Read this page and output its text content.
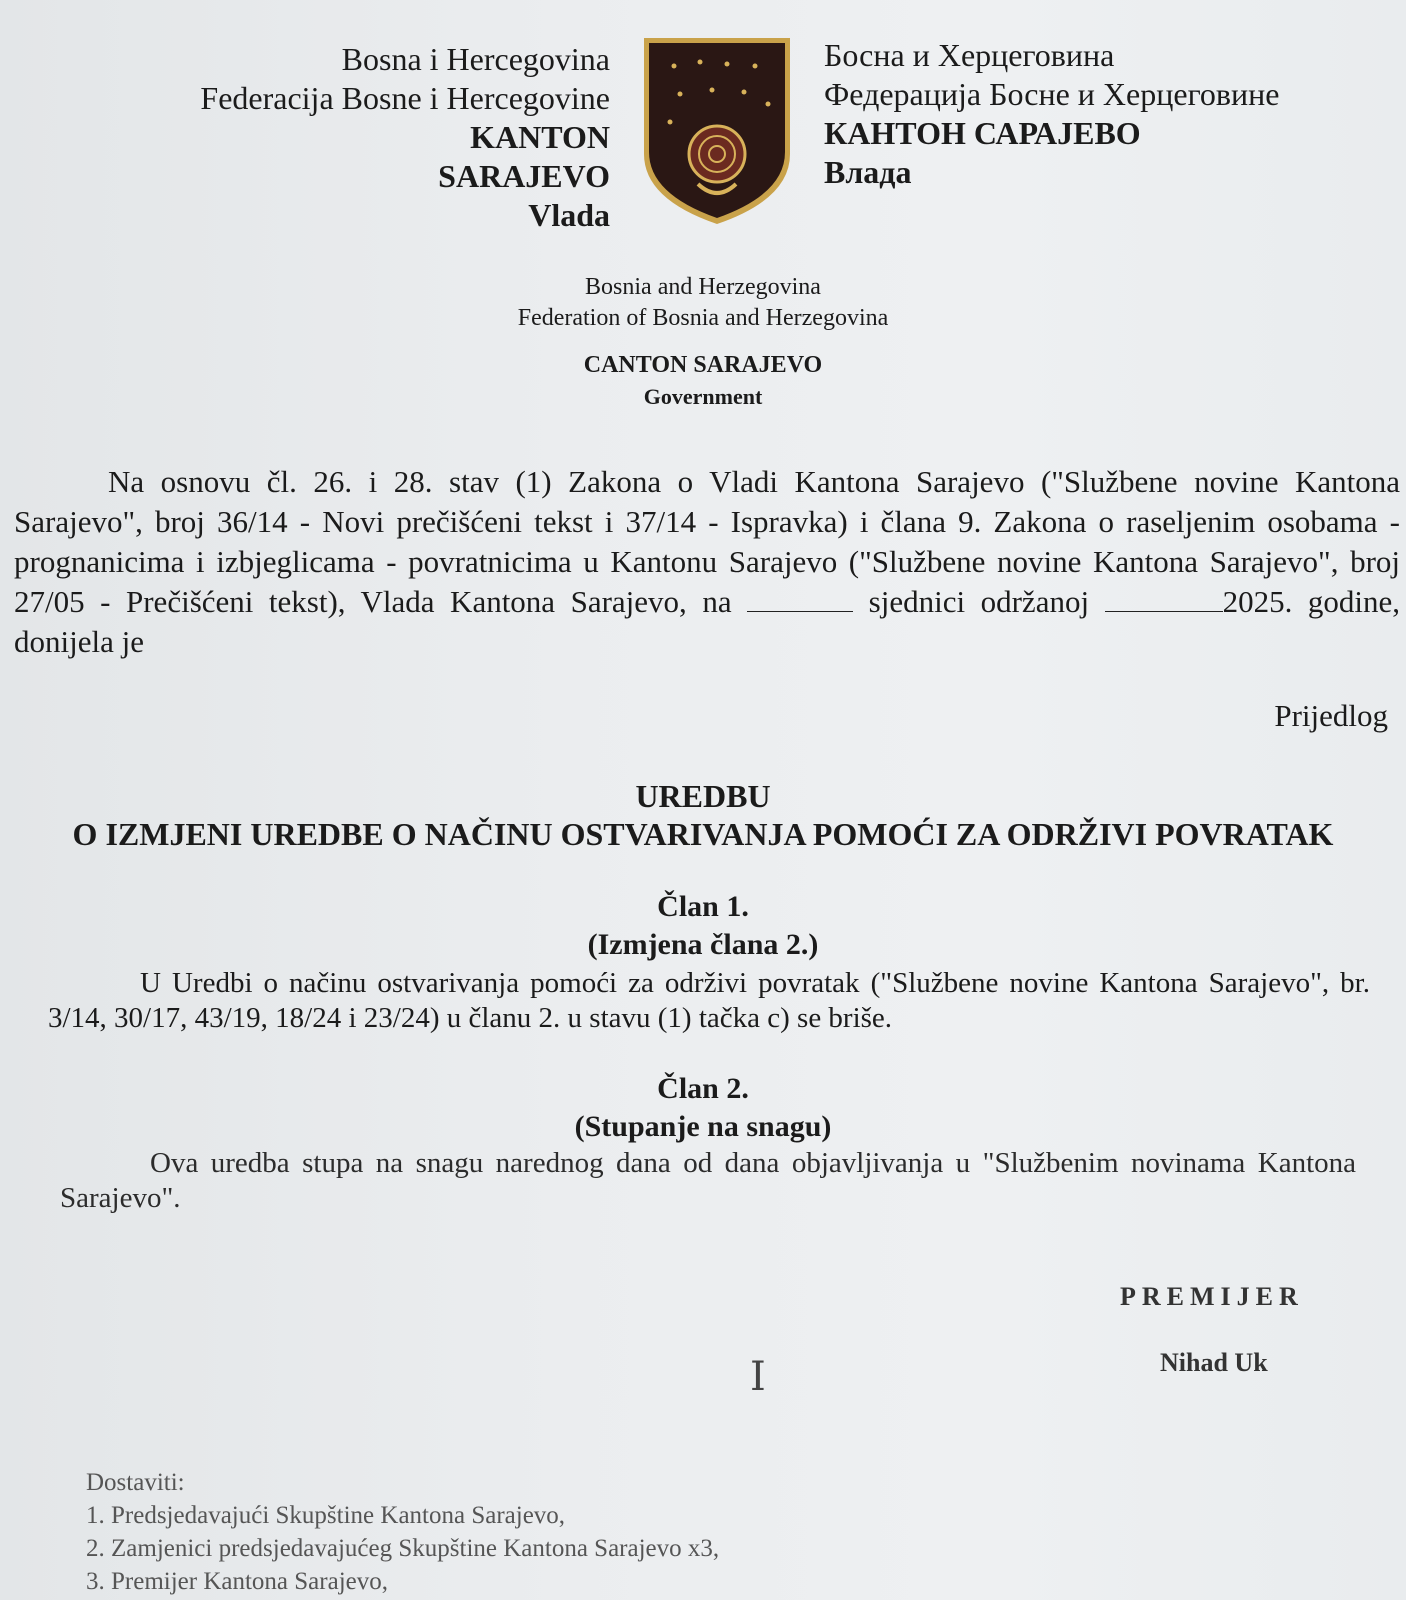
Bosna i Hercegovina
Federacija Bosne i Hercegovine
KANTON
SARAJEVO
Vlada
Босна и Херцеговина
Федерација Босне и Херцеговине
КАНТОН САРАЈЕВО
Влада
Bosnia and Herzegovina
Federation of Bosnia and Herzegovina
CANTON SARAJEVO
Government
Na osnovu čl. 26. i 28. stav (1) Zakona o Vladi Kantona Sarajevo ("Službene novine Kantona Sarajevo", broj 36/14 - Novi prečišćeni tekst i 37/14 - Ispravka) i člana 9. Zakona o raseljenim osobama - prognanicima i izbjeglicama - povratnicima u Kantonu Sarajevo ("Službene novine Kantona Sarajevo", broj 27/05 - Prečišćeni tekst), Vlada Kantona Sarajevo, na	sjednici održanoj	2025. godine, donijela je
Prijedlog
UREDBU
O IZMJENI UREDBE O NAČINU OSTVARIVANJA POMOĆI ZA ODRŽIVI POVRATAK
Član 1.
(Izmjena člana 2.)
U Uredbi o načinu ostvarivanja pomoći za održivi povratak ("Službene novine Kantona Sarajevo", br. 3/14, 30/17, 43/19, 18/24 i 23/24) u članu 2. u stavu (1) tačka c) se briše.
Član 2.
(Stupanje na snagu)
Ova uredba stupa na snagu narednog dana od dana objavljivanja u "Službenim novinama Kantona Sarajevo".
PREMIJER
I	Nihad Uk
Dostaviti:
1. Predsjedavajući Skupštine Kantona Sarajevo,
2. Zamjenici predsjedavajućeg Skupštine Kantona Sarajevo x3,
3. Premijer Kantona Sarajevo,
